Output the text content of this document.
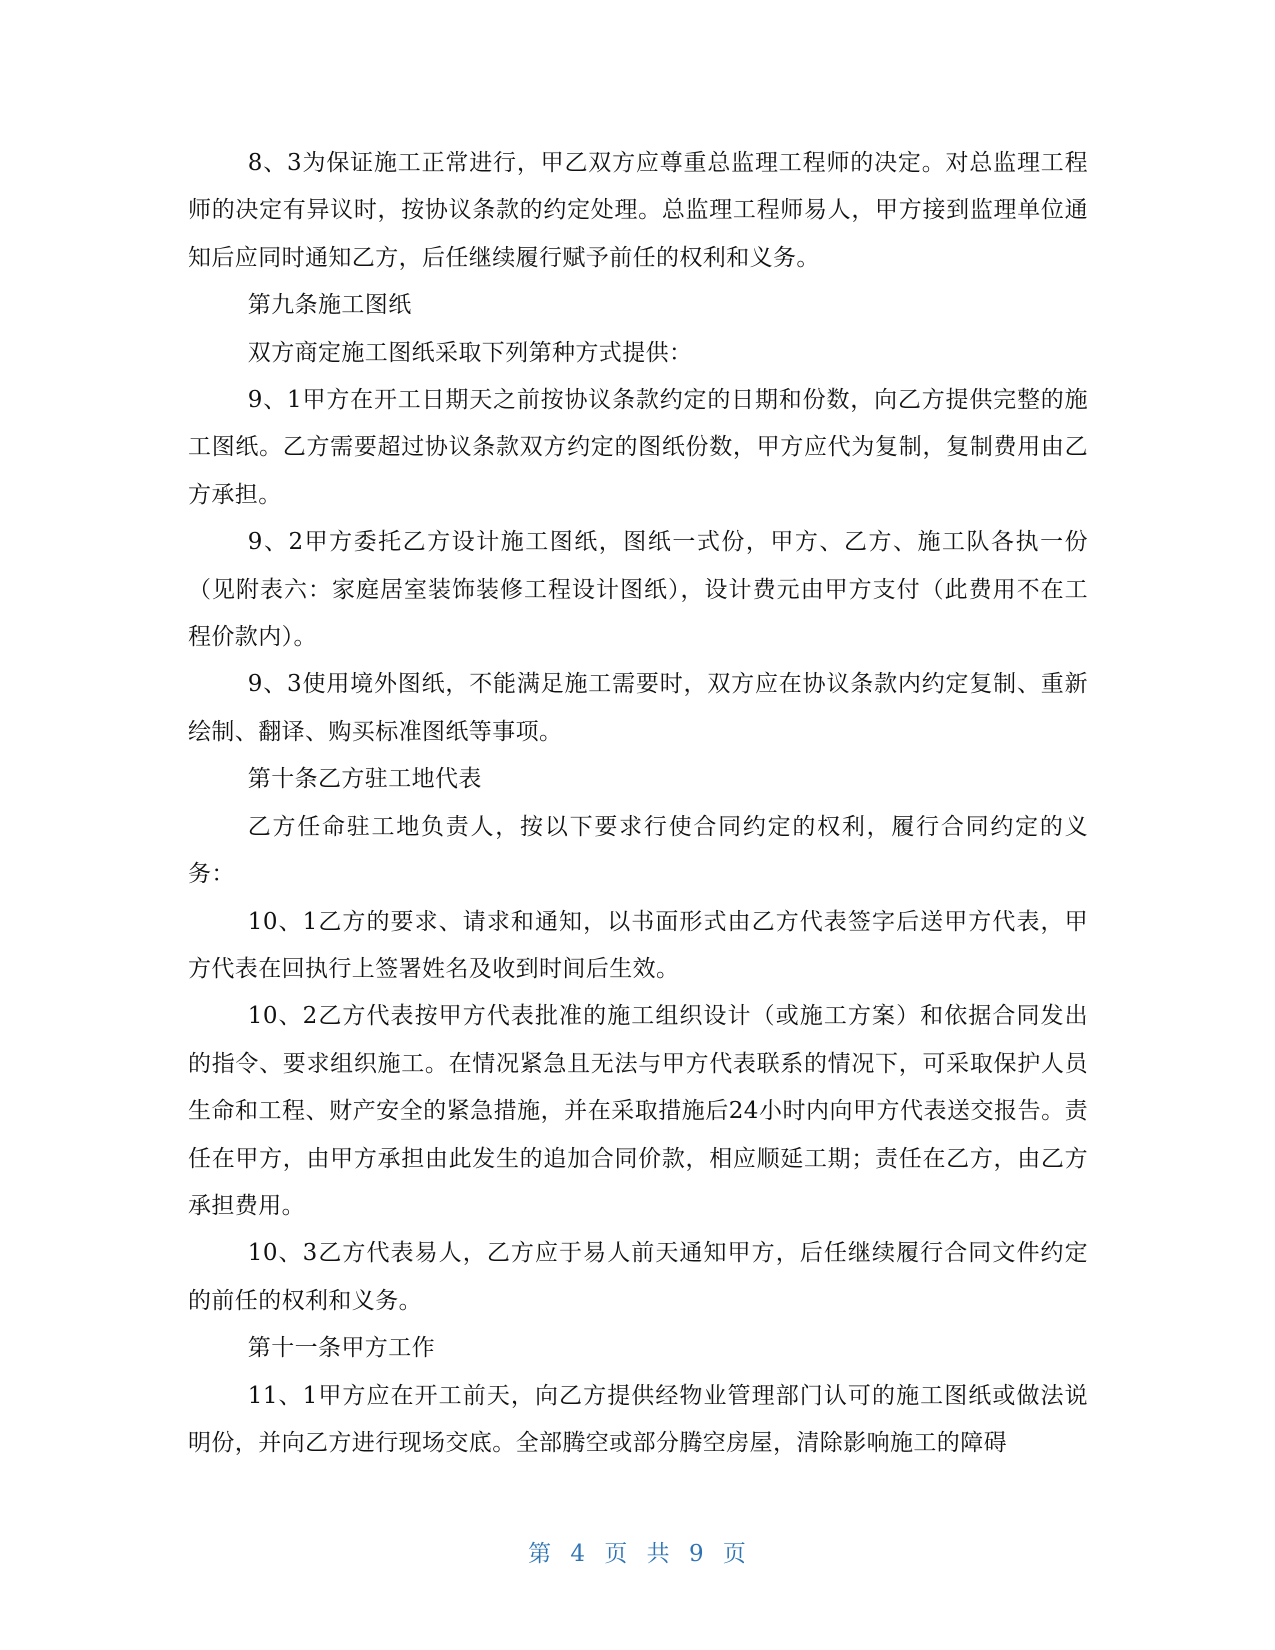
8、3为保证施工正常进行，甲乙双方应尊重总监理工程师的决定。对总监理工程师的决定有异议时，按协议条款的约定处理。总监理工程师易人，甲方接到监理单位通知后应同时通知乙方，后任继续履行赋予前任的权利和义务。

第九条施工图纸

双方商定施工图纸采取下列第种方式提供：

9、1甲方在开工日期天之前按协议条款约定的日期和份数，向乙方提供完整的施工图纸。乙方需要超过协议条款双方约定的图纸份数，甲方应代为复制，复制费用由乙方承担。

9、2甲方委托乙方设计施工图纸，图纸一式份，甲方、乙方、施工队各执一份（见附表六：家庭居室装饰装修工程设计图纸），设计费元由甲方支付（此费用不在工程价款内）。

9、3使用境外图纸，不能满足施工需要时，双方应在协议条款内约定复制、重新绘制、翻译、购买标准图纸等事项。

第十条乙方驻工地代表

乙方任命驻工地负责人，按以下要求行使合同约定的权利，履行合同约定的义务：

10、1乙方的要求、请求和通知，以书面形式由乙方代表签字后送甲方代表，甲方代表在回执行上签署姓名及收到时间后生效。

10、2乙方代表按甲方代表批准的施工组织设计（或施工方案）和依据合同发出的指令、要求组织施工。在情况紧急且无法与甲方代表联系的情况下，可采取保护人员生命和工程、财产安全的紧急措施，并在采取措施后24小时内向甲方代表送交报告。责任在甲方，由甲方承担由此发生的追加合同价款，相应顺延工期；责任在乙方，由乙方承担费用。

10、3乙方代表易人，乙方应于易人前天通知甲方，后任继续履行合同文件约定的前任的权利和义务。

第十一条甲方工作

11、1甲方应在开工前天，向乙方提供经物业管理部门认可的施工图纸或做法说明份，并向乙方进行现场交底。全部腾空或部分腾空房屋，清除影响施工的障碍

第 4 页 共 9 页
